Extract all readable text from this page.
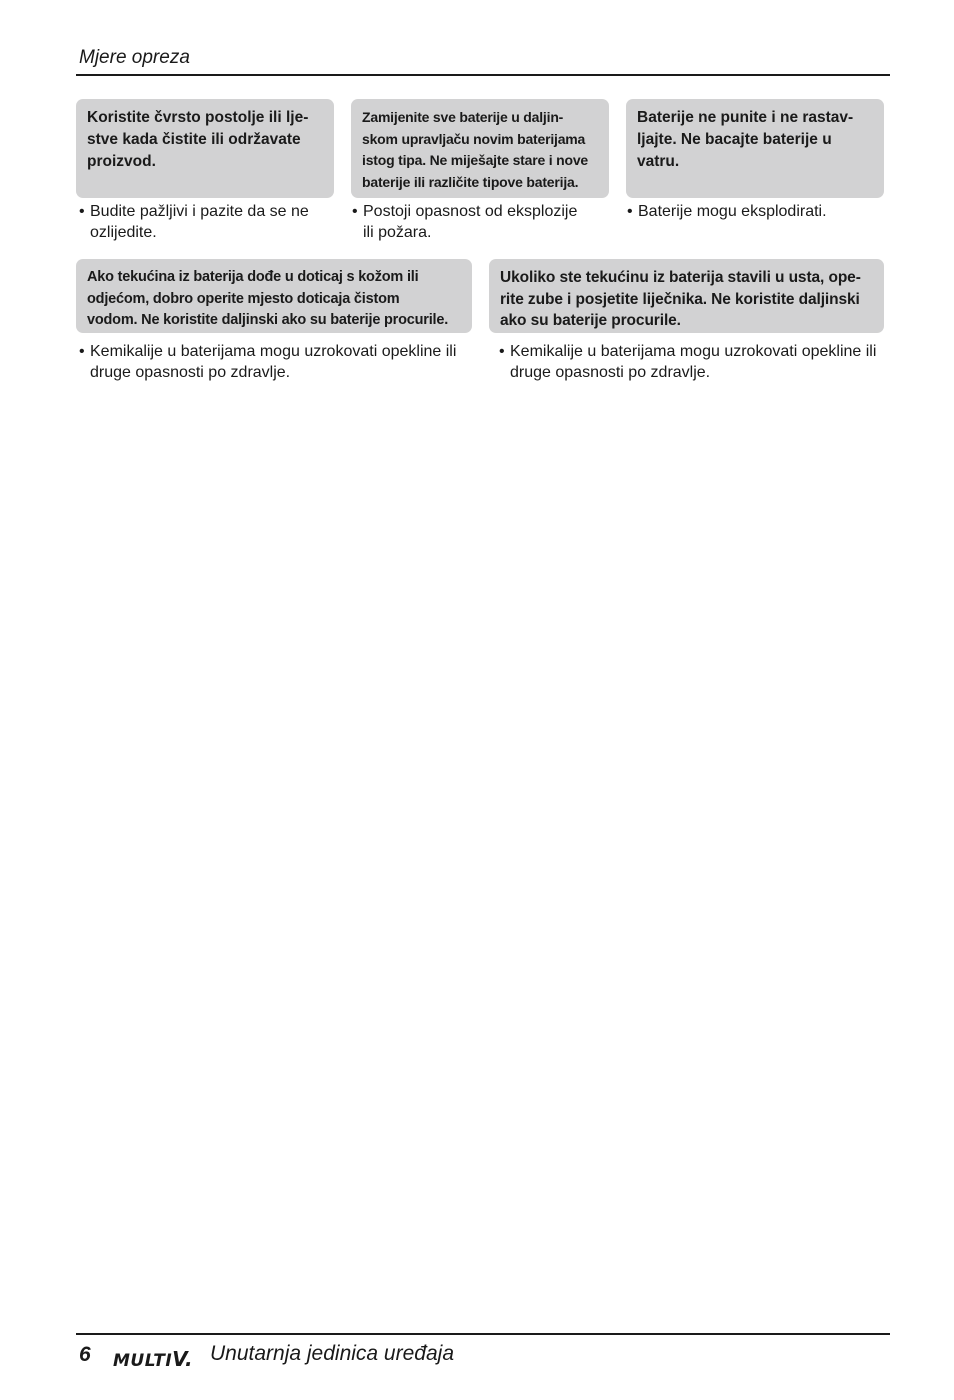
Mjere opreza
Koristite čvrsto postolje ili lje-
stve kada čistite ili održavate
proizvod.
• Budite pažljivi i pazite da se ne
ozlijedite.
Zamijenite sve baterije u daljin-
skom upravljaču novim baterijama
istog tipa. Ne miješajte stare i nove
baterije ili različite tipove baterija.
• Postoji opasnost od eksplozije
ili požara.
Baterije ne punite i ne rastav-
ljajte. Ne bacajte baterije u
vatru.
• Baterije mogu eksplodirati.
Ako tekućina iz baterija dođe u doticaj s kožom ili
odjećom, dobro operite mjesto doticaja čistom
vodom. Ne koristite daljinski ako su baterije procurile.
• Kemikalije u baterijama mogu uzrokovati opekline ili
druge opasnosti po zdravlje.
Ukoliko ste tekućinu iz baterija stavili u usta, ope-
rite zube i posjetite liječnika. Ne koristite daljinski
ako su baterije procurile.
• Kemikalije u baterijama mogu uzrokovati opekline ili
druge opasnosti po zdravlje.
6 MULTIV. Unutarnja jedinica uređaja
